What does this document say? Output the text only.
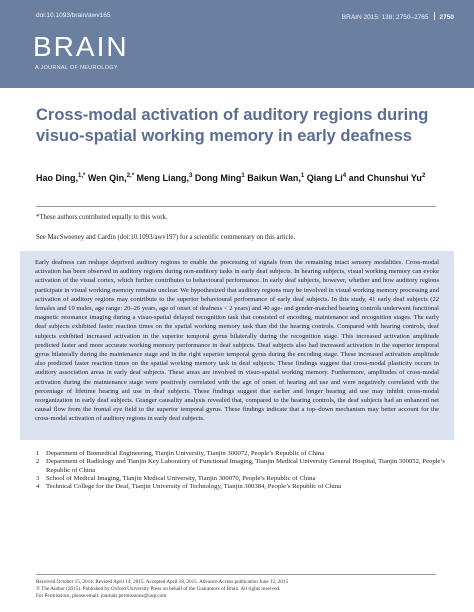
doi:10.1093/brain/awv165	BRAIN 2015: 138; 2750–2765 2750
BRAIN
A JOURNAL OF NEUROLOGY
Cross-modal activation of auditory regions during visuo-spatial working memory in early deafness
Hao Ding,$^{1,*}$ Wen Qin,$^{2,*}$ Meng Liang,$^3$ Dong Ming$^1$ Baikun Wan,$^1$ Qiang Li$^4$ and Chunshui Yu$^2$
*These authors contributed equally to this work.
See MacSweeney and Cardin (doi:10.1093/awv197) for a scientific commentary on this article.

Early deafness can reshape deprived auditory regions to enable the processing of signals from the remaining intact sensory modalities. Cross-modal activation has been observed in auditory regions during non-auditory tasks in early deaf subjects. In hearing subjects, visual working memory can evoke activation of the visual cortex, which further contributes to behavioural performance. In early deaf subjects, however, whether and how auditory regions participate in visual working memory remains unclear. We hypothesized that auditory regions may be involved in visual working memory processing and activation of auditory regions may contribute to the superior behavioural performance of early deaf subjects. In this study, 41 early deaf subjects (22 females and 19 males, age range: 20–26 years, age of onset of deafness < 2 years) and 40 age- and gender-matched hearing controls underwent functional magnetic resonance imaging during a visuo-spatial delayed recognition task that consisted of encoding, maintenance and recognition stages. The early deaf subjects exhibited faster reaction times on the spatial working memory task than did the hearing controls. Compared with hearing controls, deaf subjects exhibited increased activation in the superior temporal gyrus bilaterally during the recognition stage. This increased activation amplitude predicted faster and more accurate working memory performance in deaf subjects. Deaf subjects also had increased activation in the superior temporal gyrus bilaterally during the maintenance stage and in the right superior temporal gyrus during the encoding stage. These increased activation amplitude also predicted faster reaction times on the spatial working memory task in deaf subjects. These findings suggest that cross-modal plasticity occurs in auditory association areas in early deaf subjects. These areas are involved in visuo-spatial working memory. Furthermore, amplitudes of cross-modal activation during the maintenance stage were positively correlated with the age of onset of hearing aid use and were negatively correlated with the percentage of lifetime hearing aid use in deaf subjects. These findings suggest that earlier and longer hearing aid use may inhibit cross-modal reorganization in early deaf subjects. Granger causality analysis revealed that, compared to the hearing controls, the deaf subjects had an enhanced net causal flow from the frontal eye field to the superior temporal gyrus. These findings indicate that a top–down mechanism may better account for the cross-modal activation of auditory regions in early deaf subjects.

1 Department of Biomedical Engineering, Tianjin University, Tianjin 300072, People’s Republic of China
2 Department of Radiology and Tianjin Key Laboratory of Functional Imaging, Tianjin Medical University General Hospital, Tianjin 300052, People’s Republic of China
3 School of Medical Imaging, Tianjin Medical University, Tianjin 300070, People’s Republic of China
4 Technical College for the Deaf, Tianjin University of Technology, Tianjin 300384, People’s Republic of China
Received October 15, 2014. Revised April 14, 2015. Accepted April 18, 2015. Advance Access publication June 12, 2015
© The Author (2015). Published by Oxford University Press on behalf of the Guarantors of Brain. All rights reserved.
For Permissions, please email: journals.permissions@oup.com
